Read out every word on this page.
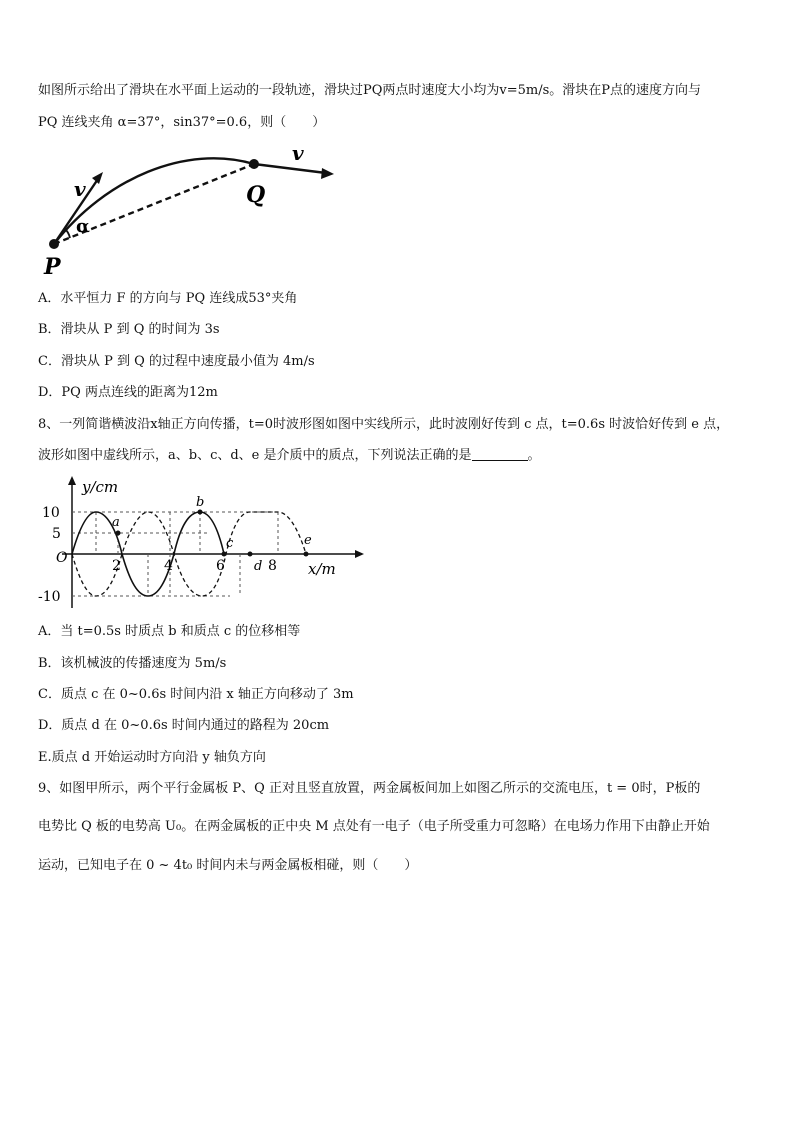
如图所示给出了滑块在水平面上运动的一段轨迹，滑块过PQ两点时速度大小均为v=5m/s。滑块在P点的速度方向与
PQ 连线夹角 α=37°，sin37°=0.6，则（　　）
P
Q
v
v
α
A．水平恒力 F 的方向与 PQ 连线成53°夹角
B．滑块从 P 到 Q 的时间为 3s
C．滑块从 P 到 Q 的过程中速度最小值为 4m/s
D．PQ 两点连线的距离为12m
8、一列简谐横波沿x轴正方向传播，t=0时波形图如图中实线所示，此时波刚好传到 c 点，t=0.6s 时波恰好传到 e 点，
波形如图中虚线所示，a、b、c、d、e 是介质中的质点，下列说法正确的是	。
a
b
c
d
e
y/cm
x/m
O
10
5
-10
2	4	6	8
A．当 t=0.5s 时质点 b 和质点 c 的位移相等
B．该机械波的传播速度为 5m/s
C．质点 c 在 0~0.6s 时间内沿 x 轴正方向移动了 3m
D．质点 d 在 0~0.6s 时间内通过的路程为 20cm
E.质点 d 开始运动时方向沿 y 轴负方向
9、如图甲所示，两个平行金属板 P、Q 正对且竖直放置，两金属板间加上如图乙所示的交流电压，t = 0时，P板的
电势比 Q 板的电势高 U₀。在两金属板的正中央 M 点处有一电子（电子所受重力可忽略）在电场力作用下由静止开始
运动，已知电子在 0 ~ 4t₀ 时间内未与两金属板相碰，则（　　）
